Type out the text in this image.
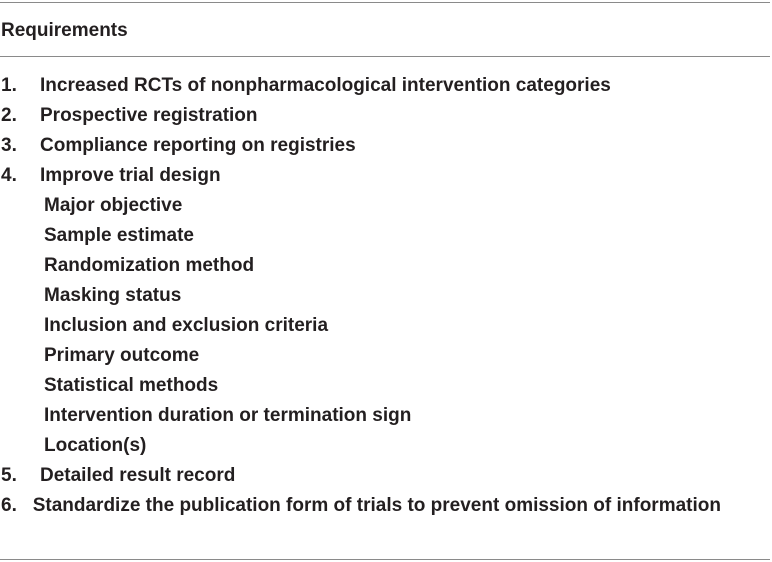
Requirements
1.	Increased RCTs of nonpharmacological intervention categories
2.	Prospective registration
3.	Compliance reporting on registries
4.	Improve trial design
Major objective
Sample estimate
Randomization method
Masking status
Inclusion and exclusion criteria
Primary outcome
Statistical methods
Intervention duration or termination sign
Location(s)
5.	Detailed result record
6. Standardize the publication form of trials to prevent omission of information
